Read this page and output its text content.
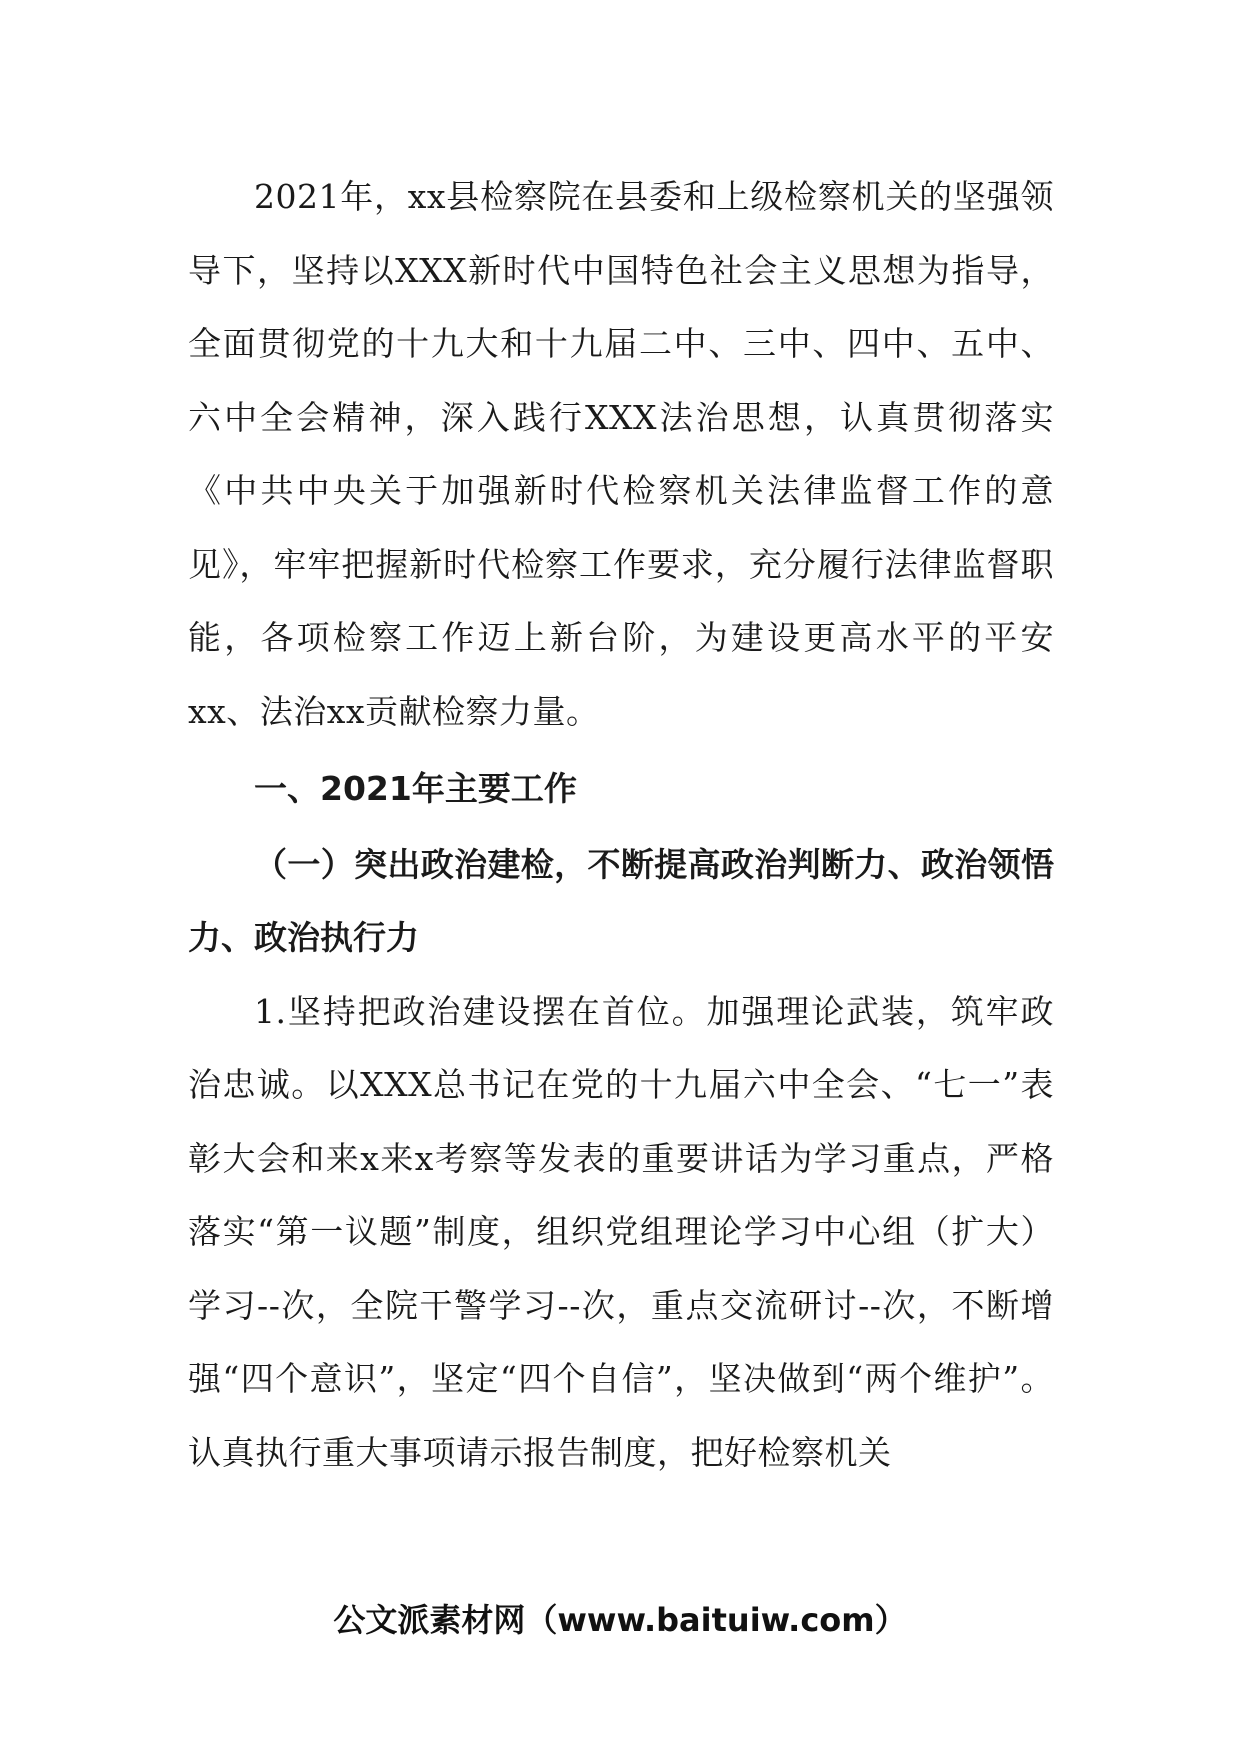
2021年，xx县检察院在县委和上级检察机关的坚强领导下，坚持以XXX新时代中国特色社会主义思想为指导，全面贯彻党的十九大和十九届二中、三中、四中、五中、六中全会精神，深入践行XXX法治思想，认真贯彻落实《中共中央关于加强新时代检察机关法律监督工作的意见》，牢牢把握新时代检察工作要求，充分履行法律监督职能，各项检察工作迈上新台阶，为建设更高水平的平安xx、法治xx贡献检察力量。

一、2021年主要工作

（一）突出政治建检，不断提高政治判断力、政治领悟力、政治执行力

1.坚持把政治建设摆在首位。加强理论武装，筑牢政治忠诚。以XXX总书记在党的十九届六中全会、“七一”表彰大会和来x来x考察等发表的重要讲话为学习重点，严格落实“第一议题”制度，组织党组理论学习中心组（扩大）学习--次，全院干警学习--次，重点交流研讨--次，不断增强“四个意识”，坚定“四个自信”，坚决做到“两个维护”。认真执行重大事项请示报告制度，把好检察机关

公文派素材网（www.baituiw.com）
